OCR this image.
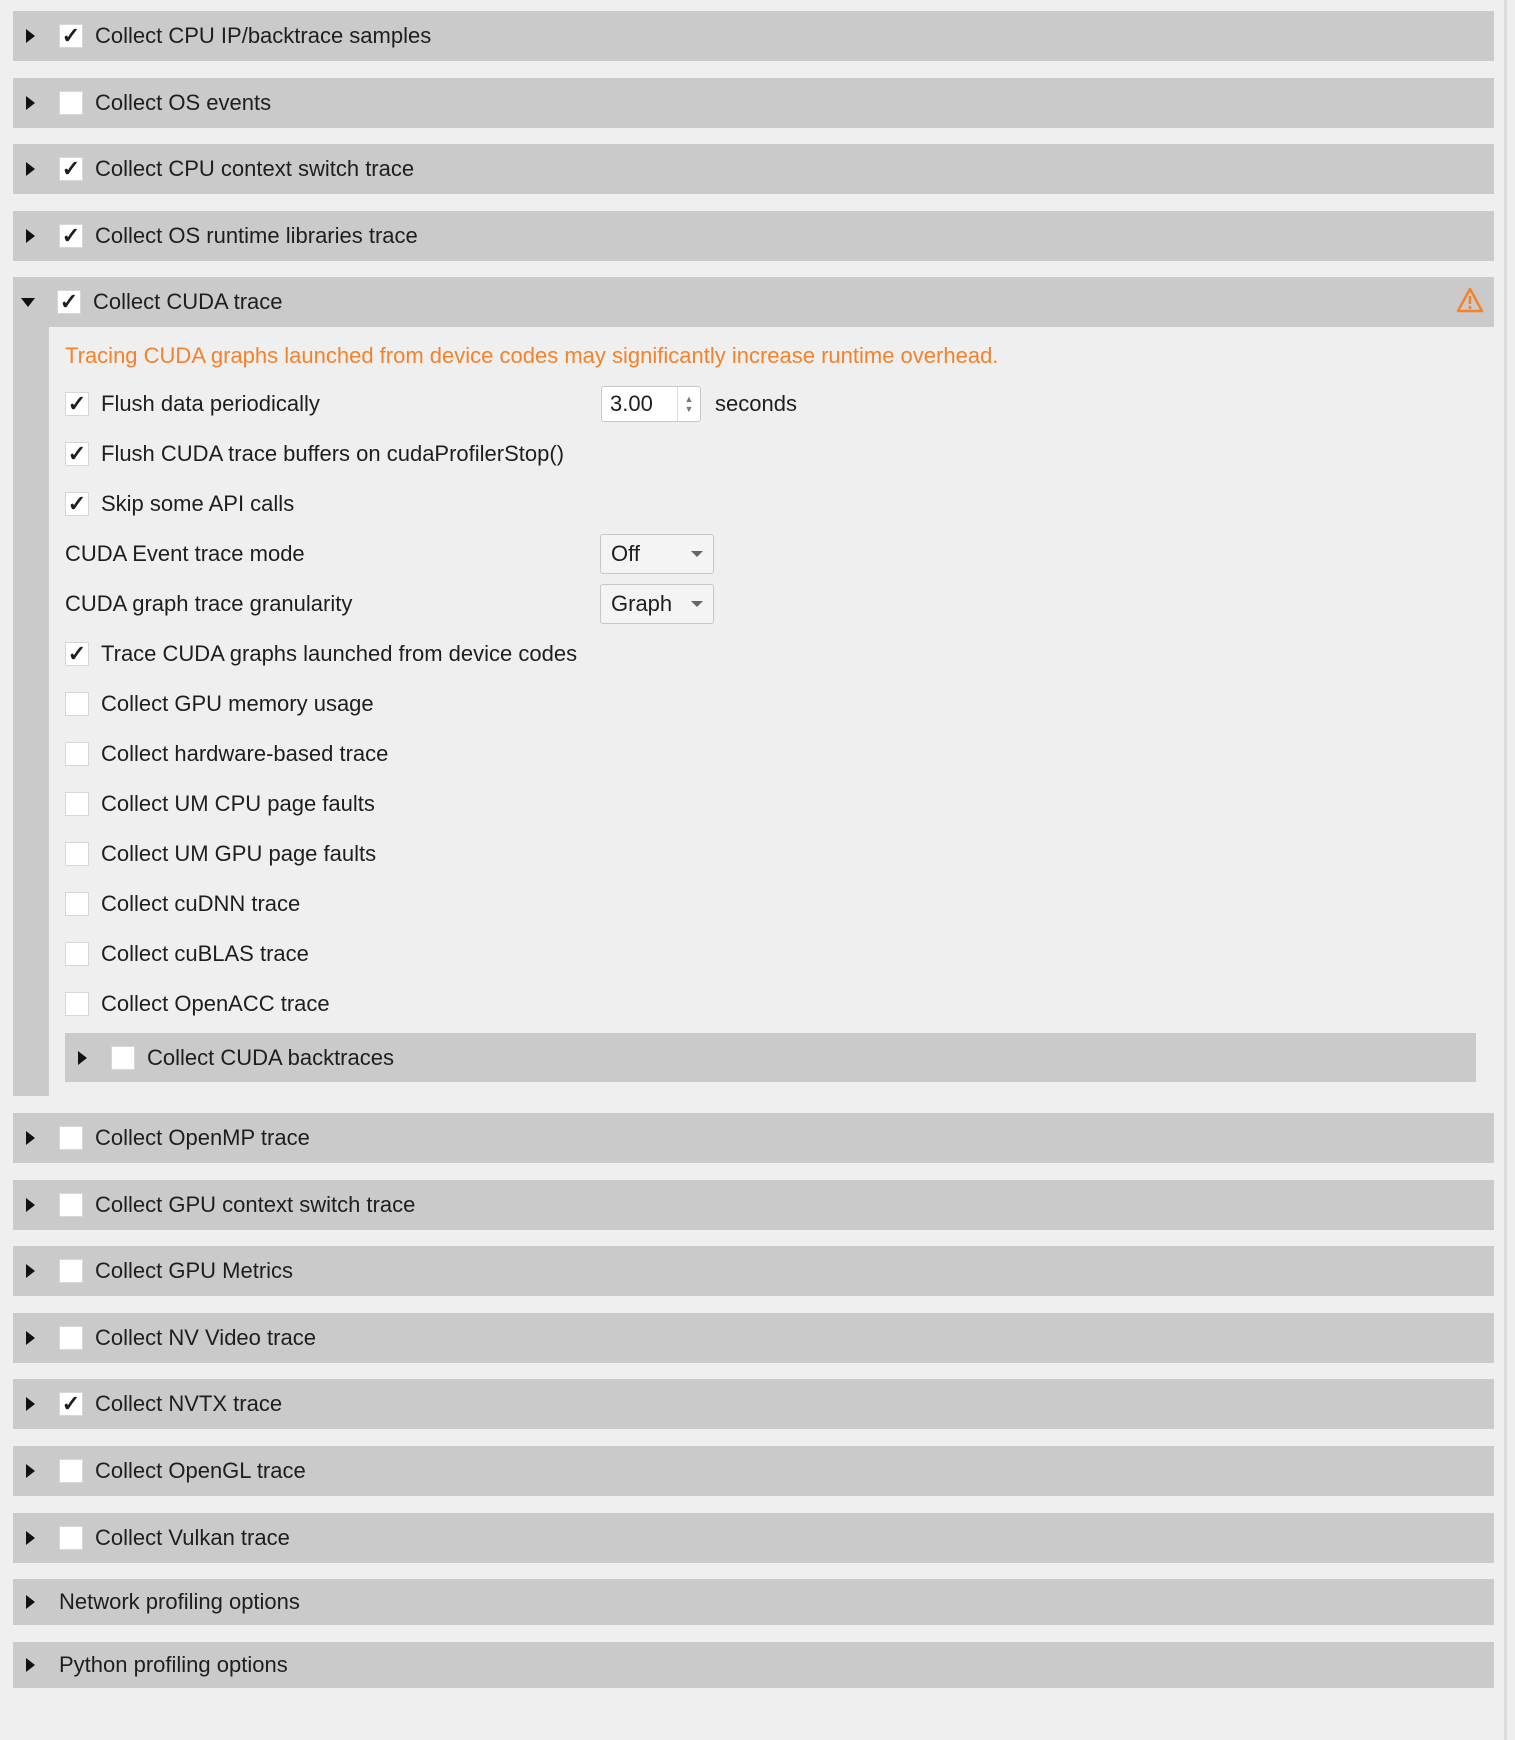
✓ Collect CPU IP/backtrace samples
Collect OS events
✓ Collect CPU context switch trace
✓ Collect OS runtime libraries trace
✓ Collect CUDA trace
Tracing CUDA graphs launched from device codes may significantly increase runtime overhead.
✓ Flush data periodically	3.00	▲
▼ seconds
✓ Flush CUDA trace buffers on cudaProfilerStop()
✓ Skip some API calls
CUDA Event trace mode	Off
CUDA graph trace granularity	Graph
✓ Trace CUDA graphs launched from device codes
Collect GPU memory usage
Collect hardware-based trace
Collect UM CPU page faults
Collect UM GPU page faults
Collect cuDNN trace
Collect cuBLAS trace
Collect OpenACC trace
Collect CUDA backtraces
Collect OpenMP trace
Collect GPU context switch trace
Collect GPU Metrics
Collect NV Video trace
✓ Collect NVTX trace
Collect OpenGL trace
Collect Vulkan trace
Network profiling options
Python profiling options
